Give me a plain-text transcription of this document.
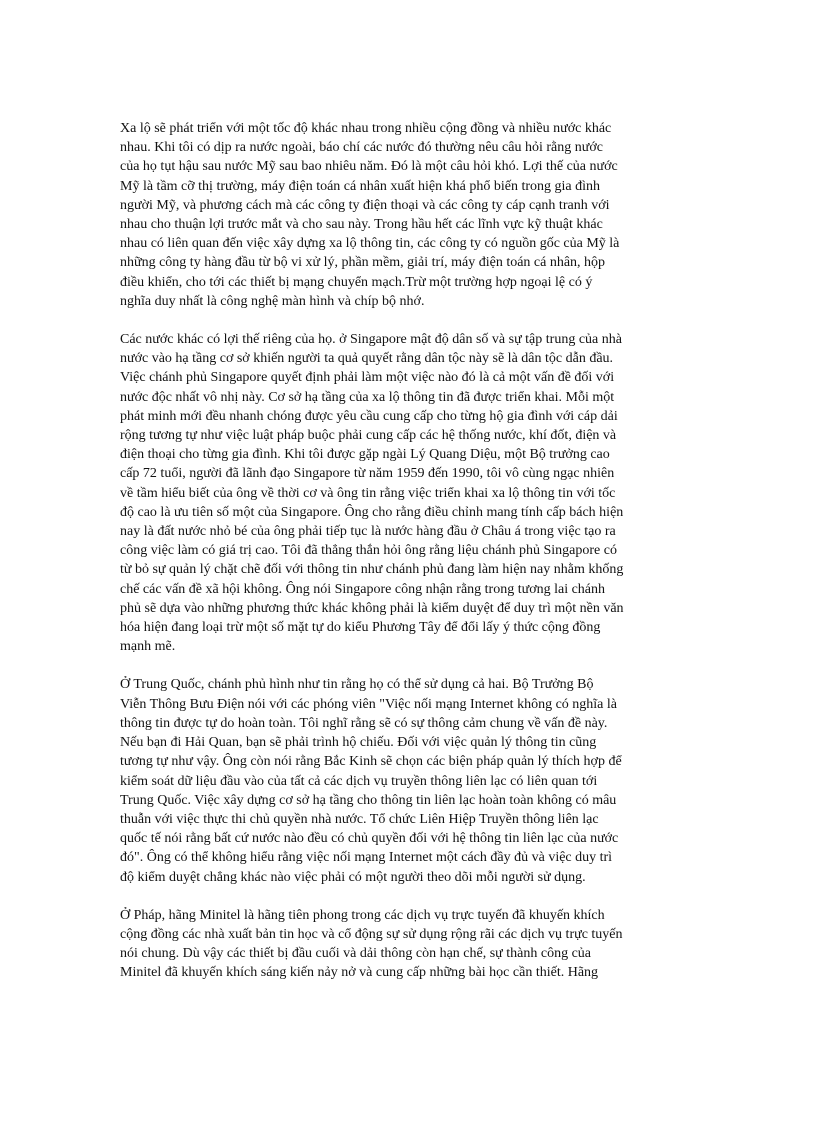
Xa lộ sẽ phát triển với một tốc độ khác nhau trong nhiều cộng đồng và nhiều nước khác
nhau. Khi tôi có dịp ra nước ngoài, báo chí các nước đó thường nêu câu hỏi rằng nước
của họ tụt hậu sau nước Mỹ sau bao nhiêu năm. Đó là một câu hỏi khó. Lợi thế của nước
Mỹ là tầm cỡ thị trường, máy điện toán cá nhân xuất hiện khá phổ biến trong gia đình
người Mỹ, và phương cách mà các công ty điện thoại và các công ty cáp cạnh tranh với
nhau cho thuận lợi trước mắt và cho sau này. Trong hầu hết các lĩnh vực kỹ thuật khác
nhau có liên quan đến việc xây dựng xa lộ thông tin, các công ty có nguồn gốc của Mỹ là
những công ty hàng đầu từ bộ vi xử lý, phần mềm, giải trí, máy điện toán cá nhân, hộp
điều khiển, cho tới các thiết bị mạng chuyển mạch.Trừ một trường hợp ngoại lệ có ý
nghĩa duy nhất là công nghệ màn hình và chíp bộ nhớ.
Các nước khác có lợi thế riêng của họ. ở Singapore mật độ dân số và sự tập trung của nhà
nước vào hạ tầng cơ sở khiến người ta quả quyết rằng dân tộc này sẽ là dân tộc dẫn đầu.
Việc chánh phủ Singapore quyết định phải làm một việc nào đó là cả một vấn đề đối với
nước độc nhất vô nhị này. Cơ sở hạ tầng của xa lộ thông tin đã được triển khai. Mỗi một
phát minh mới đều nhanh chóng được yêu cầu cung cấp cho từng hộ gia đình với cáp dải
rộng tương tự như việc luật pháp buộc phải cung cấp các hệ thống nước, khí đốt, điện và
điện thoại cho từng gia đình. Khi tôi được gặp ngài Lý Quang Diệu, một Bộ trưởng cao
cấp 72 tuổi, người đã lãnh đạo Singapore từ năm 1959 đến 1990, tôi vô cùng ngạc nhiên
về tầm hiểu biết của ông về thời cơ và ông tin rằng việc triển khai xa lộ thông tin với tốc
độ cao là ưu tiên số một của Singapore. Ông cho rằng điều chỉnh mang tính cấp bách hiện
nay là đất nước nhỏ bé của ông phải tiếp tục là nước hàng đầu ở Châu á trong việc tạo ra
công việc làm có giá trị cao. Tôi đã thẳng thắn hỏi ông rằng liệu chánh phủ Singapore có
từ bỏ sự quản lý chặt chẽ đối với thông tin như chánh phủ đang làm hiện nay nhằm khống
chế các vấn đề xã hội không. Ông nói Singapore công nhận rằng trong tương lai chánh
phủ sẽ dựa vào những phương thức khác không phải là kiểm duyệt để duy trì một nền văn
hóa hiện đang loại trừ một số mặt tự do kiểu Phương Tây để đổi lấy ý thức cộng đồng
mạnh mẽ.
Ở Trung Quốc, chánh phủ hình như tin rằng họ có thể sử dụng cả hai. Bộ Trưởng Bộ
Viễn Thông Bưu Điện nói với các phóng viên "Việc nối mạng Internet không có nghĩa là
thông tin được tự do hoàn toàn. Tôi nghĩ rằng sẽ có sự thông cảm chung về vấn đề này.
Nếu bạn đi Hải Quan, bạn sẽ phải trình hộ chiếu. Đối với việc quản lý thông tin cũng
tương tự như vậy. Ông còn nói rằng Bắc Kinh sẽ chọn các biện pháp quản lý thích hợp để
kiểm soát dữ liệu đầu vào của tất cả các dịch vụ truyền thông liên lạc có liên quan tới
Trung Quốc. Việc xây dựng cơ sở hạ tầng cho thông tin liên lạc hoàn toàn không có mâu
thuẫn với việc thực thi chủ quyền nhà nước. Tổ chức Liên Hiệp Truyền thông liên lạc
quốc tế nói rằng bất cứ nước nào đều có chủ quyền đối với hệ thông tin liên lạc của nước
đó". Ông có thể không hiểu rằng việc nối mạng Internet một cách đầy đủ và việc duy trì
độ kiểm duyệt chẳng khác nào việc phải có một người theo dõi mỗi người sử dụng.
Ở Pháp, hãng Minitel là hãng tiên phong trong các dịch vụ trực tuyến đã khuyến khích
cộng đồng các nhà xuất bản tin học và cổ động sự sử dụng rộng rãi các dịch vụ trực tuyến
nói chung. Dù vậy các thiết bị đầu cuối và dải thông còn hạn chế, sự thành công của
Minitel đã khuyến khích sáng kiến nảy nở và cung cấp những bài học cần thiết. Hãng
